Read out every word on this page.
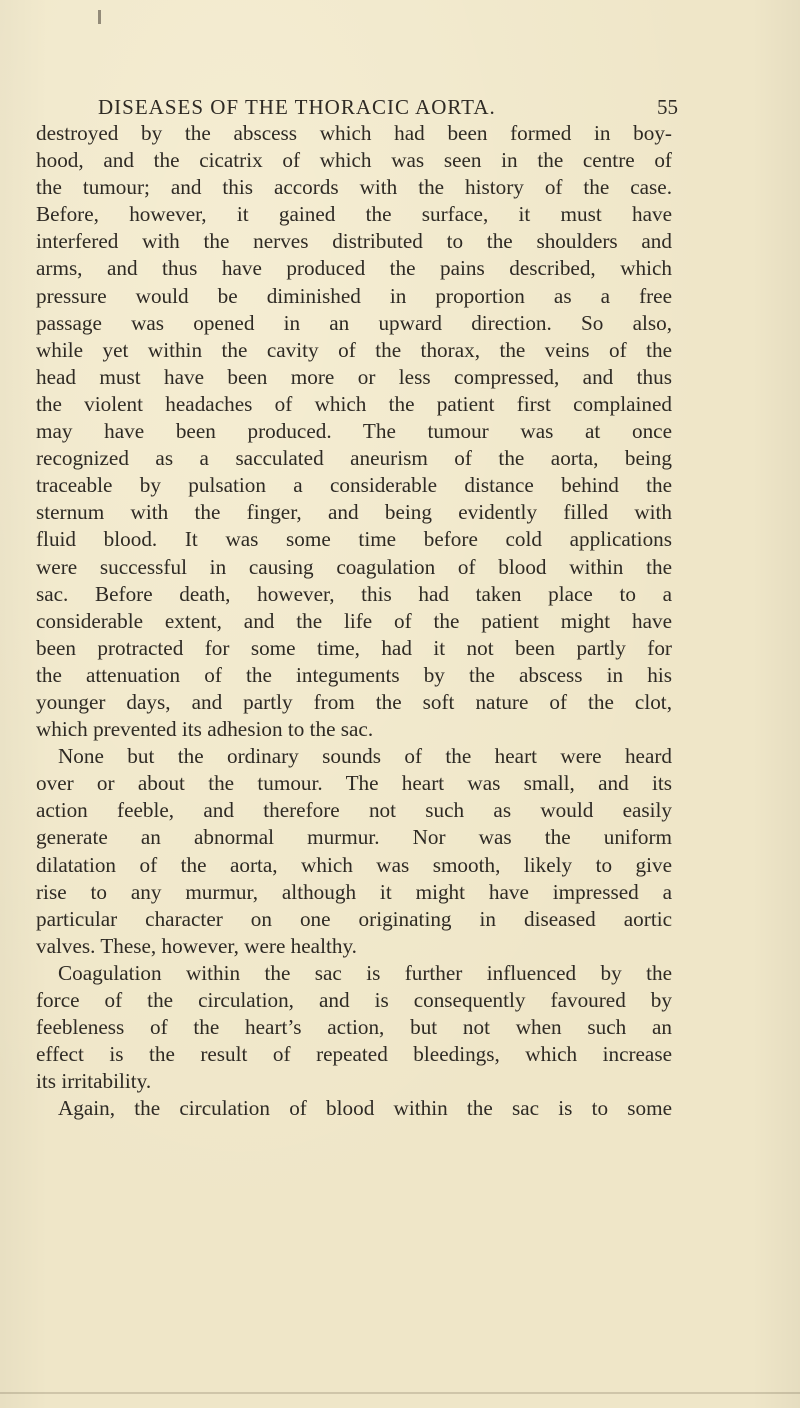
DISEASES OF THE THORACIC AORTA.	55
destroyed by the abscess which had been formed in boy-
hood, and the cicatrix of which was seen in the centre of
the tumour; and this accords with the history of the case.
Before, however, it gained the surface, it must have
interfered with the nerves distributed to the shoulders and
arms, and thus have produced the pains described, which
pressure would be diminished in proportion as a free
passage was opened in an upward direction. So also,
while yet within the cavity of the thorax, the veins of the
head must have been more or less compressed, and thus
the violent headaches of which the patient first complained
may have been produced. The tumour was at once
recognized as a sacculated aneurism of the aorta, being
traceable by pulsation a considerable distance behind the
sternum with the finger, and being evidently filled with
fluid blood. It was some time before cold applications
were successful in causing coagulation of blood within the
sac. Before death, however, this had taken place to a
considerable extent, and the life of the patient might have
been protracted for some time, had it not been partly for
the attenuation of the integuments by the abscess in his
younger days, and partly from the soft nature of the clot,
which prevented its adhesion to the sac.
None but the ordinary sounds of the heart were heard
over or about the tumour. The heart was small, and its
action feeble, and therefore not such as would easily
generate an abnormal murmur. Nor was the uniform
dilatation of the aorta, which was smooth, likely to give
rise to any murmur, although it might have impressed a
particular character on one originating in diseased aortic
valves. These, however, were healthy.
Coagulation within the sac is further influenced by the
force of the circulation, and is consequently favoured by
feebleness of the heart’s action, but not when such an
effect is the result of repeated bleedings, which increase
its irritability.
Again, the circulation of blood within the sac is to some
